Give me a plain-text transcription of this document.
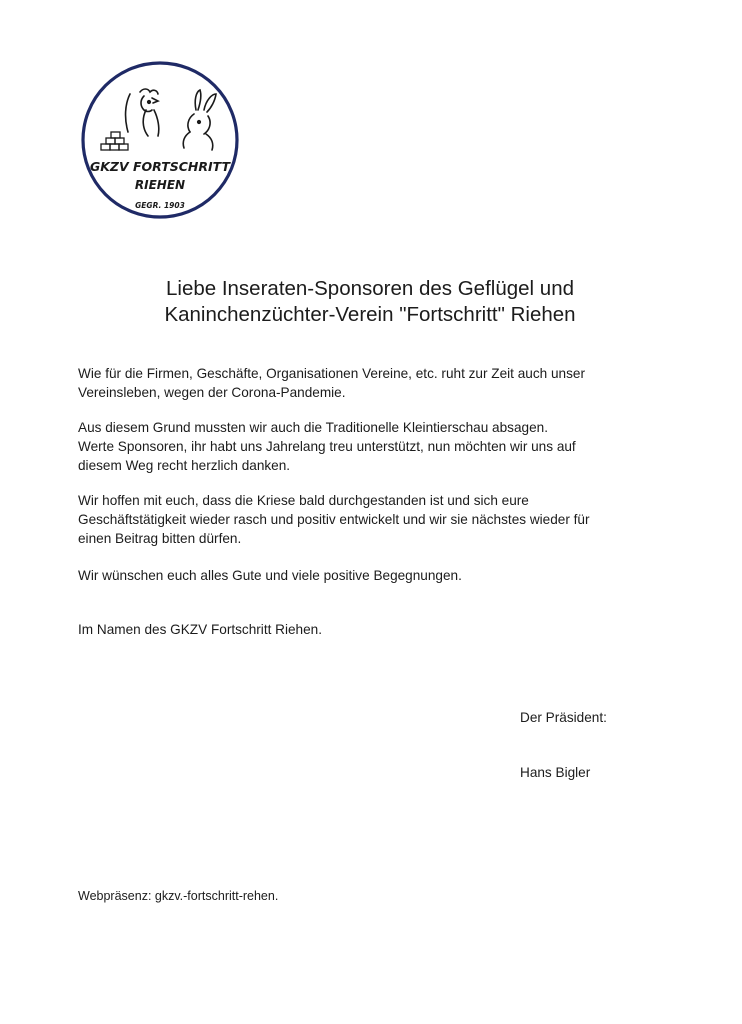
GKZV FORTSCHRITT
RIEHEN
GEGR. 1903
Liebe Inseraten-Sponsoren des Geflügel und
Kaninchenzüchter-Verein "Fortschritt" Riehen
Wie für die Firmen, Geschäfte, Organisationen Vereine, etc. ruht zur Zeit auch unser
Vereinsleben, wegen der Corona-Pandemie.
Aus diesem Grund mussten wir auch die Traditionelle Kleintierschau absagen.
Werte Sponsoren, ihr habt uns Jahrelang treu unterstützt, nun möchten wir uns auf
diesem Weg recht herzlich danken.
Wir hoffen mit euch, dass die Kriese bald durchgestanden ist und sich eure
Geschäftstätigkeit wieder rasch und positiv entwickelt und wir sie nächstes wieder für
einen Beitrag bitten dürfen.
Wir wünschen euch alles Gute und viele positive Begegnungen.
Im Namen des GKZV Fortschritt Riehen.
Der Präsident:
Hans Bigler
Webpräsenz: gkzv.-fortschritt-rehen.
